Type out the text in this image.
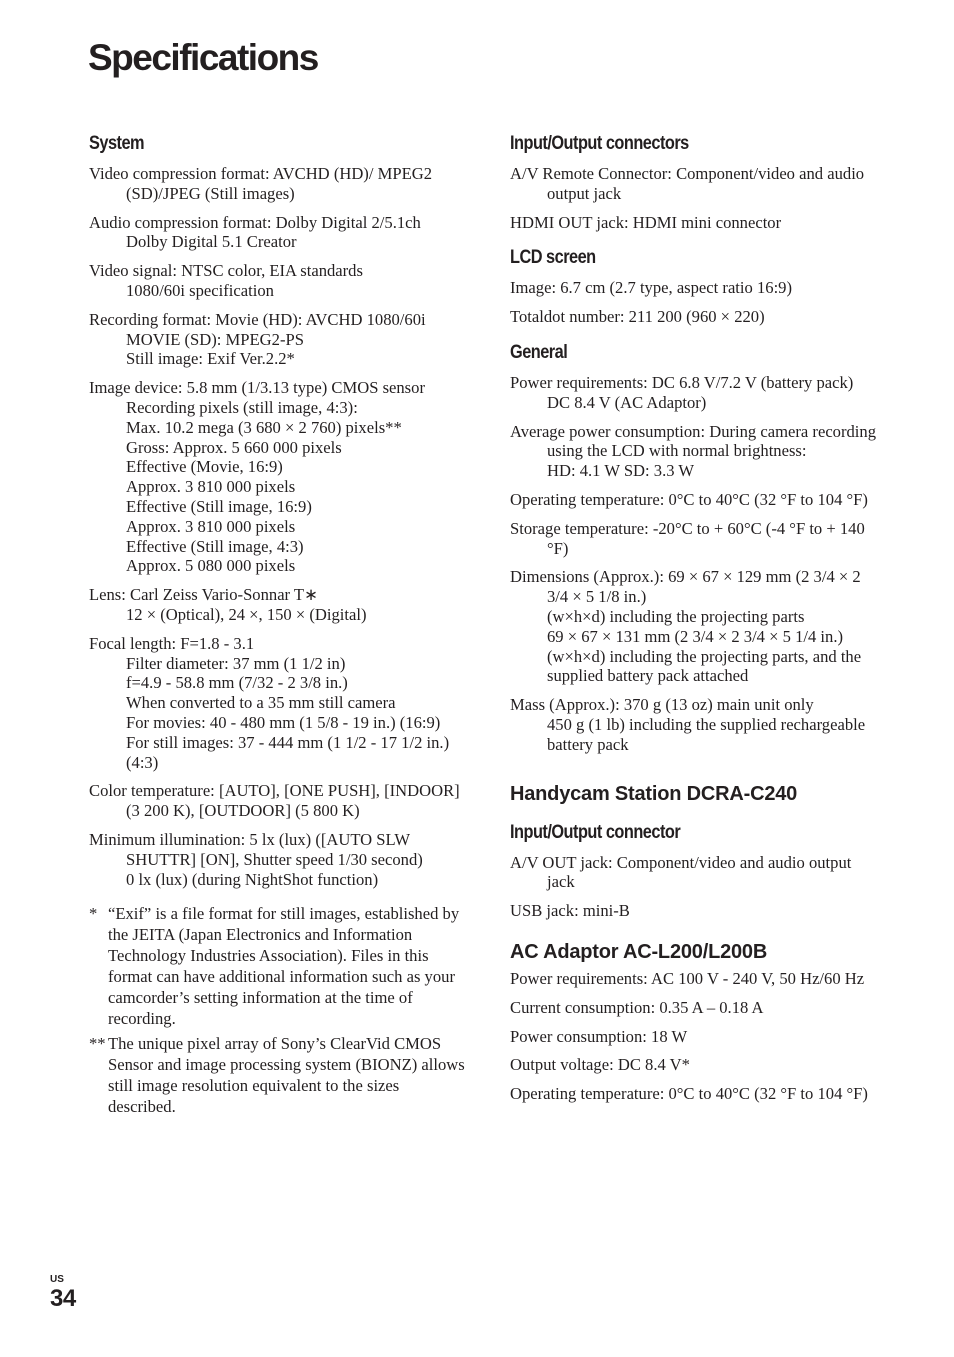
Specifications
System
Video compression format: AVCHD (HD)/ MPEG2 (SD)/JPEG (Still images)
Audio compression format: Dolby Digital 2/5.1ch
Dolby Digital 5.1 Creator
Video signal: NTSC color, EIA standards
1080/60i specification
Recording format: Movie (HD): AVCHD 1080/60i
MOVIE (SD): MPEG2-PS
Still image: Exif Ver.2.2*
Image device: 5.8 mm (1/3.13 type) CMOS sensor
Recording pixels (still image, 4:3):
Max. 10.2 mega (3 680 × 2 760) pixels**
Gross: Approx. 5 660 000 pixels
Effective (Movie, 16:9)
Approx. 3 810 000 pixels
Effective (Still image, 16:9)
Approx. 3 810 000 pixels
Effective (Still image, 4:3)
Approx. 5 080 000 pixels
Lens: Carl Zeiss Vario-Sonnar T∗
12 × (Optical), 24 ×, 150 × (Digital)
Focal length: F=1.8 - 3.1
Filter diameter: 37 mm (1 1/2 in)
f=4.9 - 58.8 mm (7/32 - 2 3/8 in.)
When converted to a 35 mm still camera
For movies: 40 - 480 mm (1 5/8 - 19 in.) (16:9)
For still images: 37 - 444 mm (1 1/2 - 17 1/2 in.) (4:3)
Color temperature: [AUTO], [ONE PUSH], [INDOOR] (3 200 K), [OUTDOOR] (5 800 K)
Minimum illumination: 5 lx (lux) ([AUTO SLW SHUTTR] [ON], Shutter speed 1/30 second)
0 lx (lux) (during NightShot function)
* “Exif” is a file format for still images, established by the JEITA (Japan Electronics and Information Technology Industries Association). Files in this format can have additional information such as your camcorder’s setting information at the time of recording.
** The unique pixel array of Sony’s ClearVid CMOS Sensor and image processing system (BIONZ) allows still image resolution equivalent to the sizes described.
Input/Output connectors
A/V Remote Connector: Component/video and audio output jack
HDMI OUT jack: HDMI mini connector
LCD screen
Image: 6.7 cm (2.7 type, aspect ratio 16:9)
Totaldot number: 211 200 (960 × 220)
General
Power requirements: DC 6.8 V/7.2 V (battery pack)
DC 8.4 V (AC Adaptor)
Average power consumption: During camera recording using the LCD with normal brightness:
HD: 4.1 W SD: 3.3 W
Operating temperature: 0°C to 40°C (32 °F to 104 °F)
Storage temperature: -20°C to + 60°C (-4 °F to + 140 °F)
Dimensions (Approx.): 69 × 67 × 129 mm (2 3/4 × 2 3/4 × 5 1/8 in.)
(w×h×d) including the projecting parts
69 × 67 × 131 mm (2 3/4 × 2 3/4 × 5 1/4 in.) (w×h×d) including the projecting parts, and the supplied battery pack attached
Mass (Approx.): 370 g (13 oz) main unit only
450 g (1 lb) including the supplied rechargeable battery pack
Handycam Station DCRA-C240
Input/Output connector
A/V OUT jack: Component/video and audio output jack
USB jack: mini-B
AC Adaptor AC-L200/L200B
Power requirements: AC 100 V - 240 V, 50 Hz/60 Hz
Current consumption: 0.35 A – 0.18 A
Power consumption: 18 W
Output voltage: DC 8.4 V*
Operating temperature: 0°C to 40°C (32 °F to 104 °F)
US
34
